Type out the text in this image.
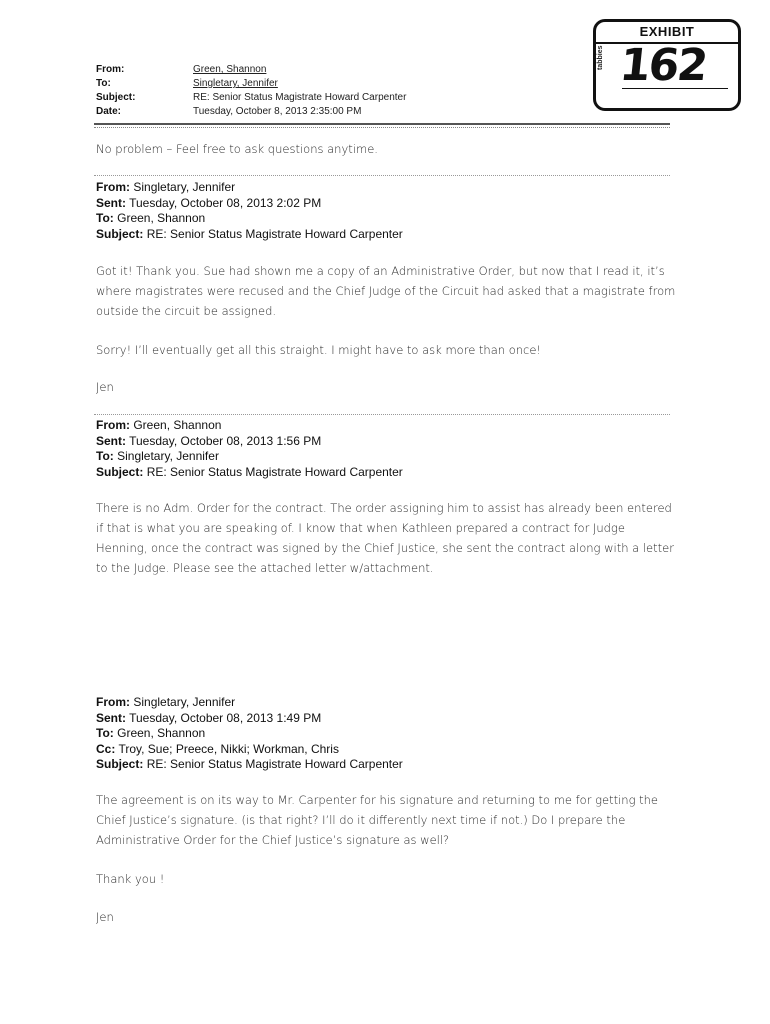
From:	Green, Shannon
To:	Singletary, Jennifer
Subject:	RE: Senior Status Magistrate Howard Carpenter
Date:	Tuesday, October 8, 2013 2:35:00 PM
EXHIBIT
tabbies 162
No problem – Feel free to ask questions anytime.
From: Singletary, Jennifer
Sent: Tuesday, October 08, 2013 2:02 PM
To: Green, Shannon
Subject: RE: Senior Status Magistrate Howard Carpenter
Got it! Thank you. Sue had shown me a copy of an Administrative Order, but now that I read it, it’s
where magistrates were recused and the Chief Judge of the Circuit had asked that a magistrate from
outside the circuit be assigned.
Sorry! I’ll eventually get all this straight. I might have to ask more than once!
Jen
From: Green, Shannon
Sent: Tuesday, October 08, 2013 1:56 PM
To: Singletary, Jennifer
Subject: RE: Senior Status Magistrate Howard Carpenter
There is no Adm. Order for the contract. The order assigning him to assist has already been entered
if that is what you are speaking of. I know that when Kathleen prepared a contract for Judge
Henning, once the contract was signed by the Chief Justice, she sent the contract along with a letter
to the Judge. Please see the attached letter w/attachment.
From: Singletary, Jennifer
Sent: Tuesday, October 08, 2013 1:49 PM
To: Green, Shannon
Cc: Troy, Sue; Preece, Nikki; Workman, Chris
Subject: RE: Senior Status Magistrate Howard Carpenter
The agreement is on its way to Mr. Carpenter for his signature and returning to me for getting the
Chief Justice’s signature. (is that right? I’ll do it differently next time if not.) Do I prepare the
Administrative Order for the Chief Justice’s signature as well?
Thank you !
Jen
